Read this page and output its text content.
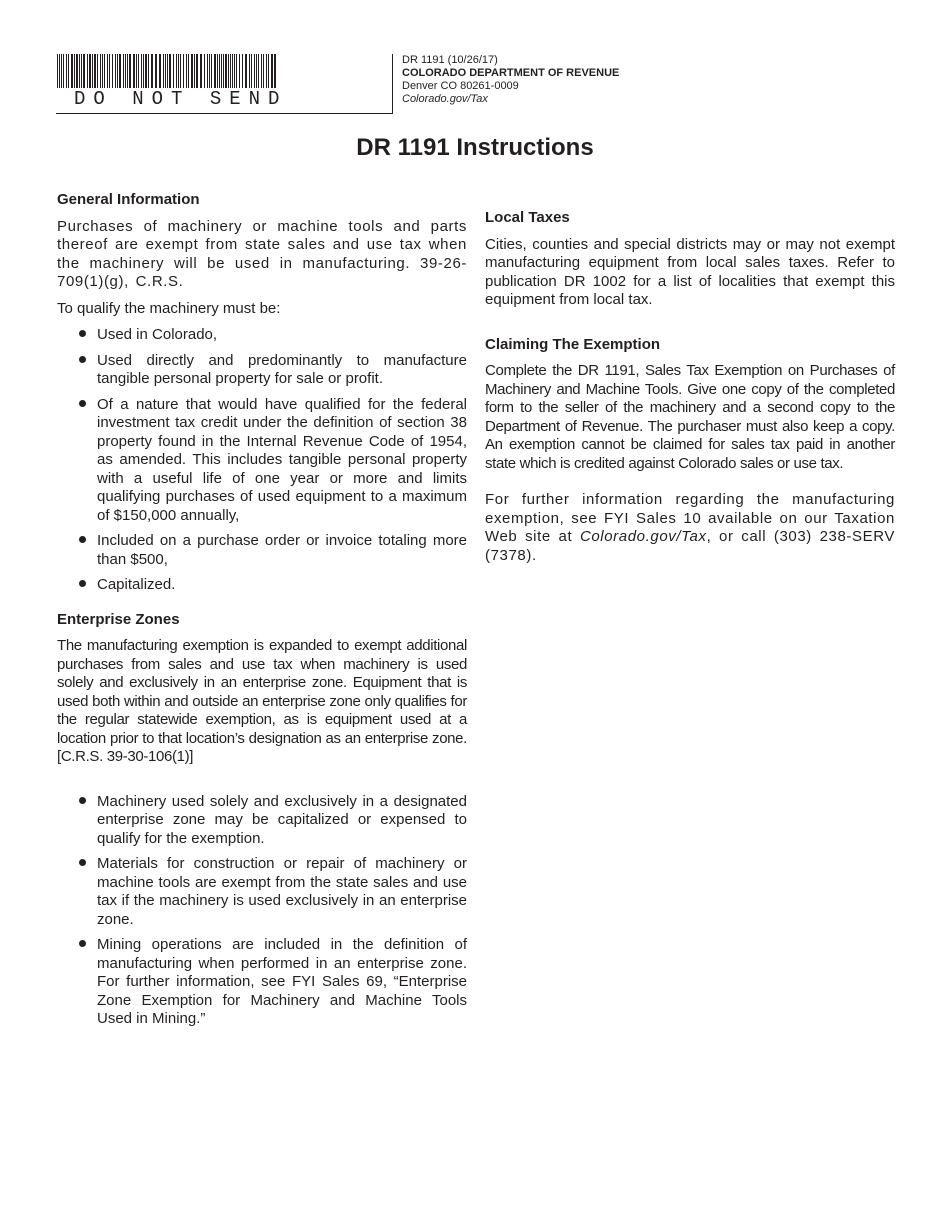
DO NOT SEND
DR 1191 (10/26/17)
COLORADO DEPARTMENT OF REVENUE
Denver CO 80261-0009
Colorado.gov/Tax
DR 1191 Instructions
General Information

Purchases of machinery or machine tools and parts thereof are exempt from state sales and use tax when the machinery will be used in manufacturing. 39-26-709(1)(g), C.R.S.

To qualify the machinery must be:

Used in Colorado,
Used directly and predominantly to manufacture tangible personal property for sale or profit.
Of a nature that would have qualified for the federal investment tax credit under the definition of section 38 property found in the Internal Revenue Code of 1954, as amended. This includes tangible personal property with a useful life of one year or more and limits qualifying purchases of used equipment to a maximum of $150,000 annually,
Included on a purchase order or invoice totaling more than $500,
Capitalized.
Enterprise Zones

The manufacturing exemption is expanded to exempt additional purchases from sales and use tax when machinery is used solely and exclusively in an enterprise zone. Equipment that is used both within and outside an enterprise zone only qualifies for the regular statewide exemption, as is equipment used at a location prior to that location’s designation as an enterprise zone. [C.R.S. 39-30-106(1)]

Machinery used solely and exclusively in a designated enterprise zone may be capitalized or expensed to qualify for the exemption.
Materials for construction or repair of machinery or machine tools are exempt from the state sales and use tax if the machinery is used exclusively in an enterprise zone.
Mining operations are included in the definition of manufacturing when performed in an enterprise zone. For further information, see FYI Sales 69, “Enterprise Zone Exemption for Machinery and Machine Tools Used in Mining.”
Local Taxes

Cities, counties and special districts may or may not exempt manufacturing equipment from local sales taxes. Refer to publication DR 1002 for a list of localities that exempt this equipment from local tax.

Claiming The Exemption

Complete the DR 1191, Sales Tax Exemption on Purchases of Machinery and Machine Tools. Give one copy of the completed form to the seller of the machinery and a second copy to the Department of Revenue. The purchaser must also keep a copy. An exemption cannot be claimed for sales tax paid in another state which is credited against Colorado sales or use tax.

For further information regarding the manufacturing exemption, see FYI Sales 10 available on our Taxation Web site at Colorado.gov/Tax, or call (303) 238-SERV (7378).
